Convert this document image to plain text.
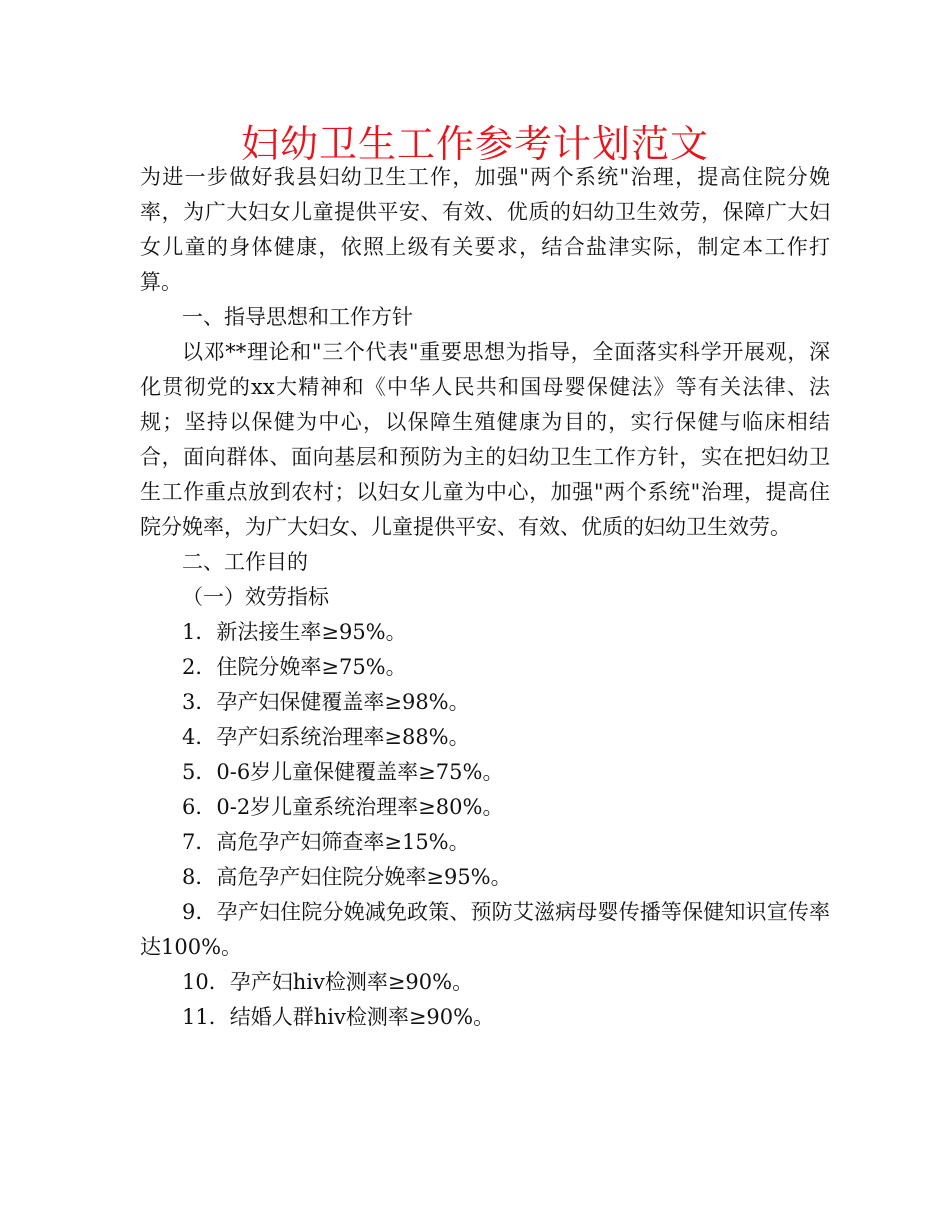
妇幼卫生工作参考计划范文

为进一步做好我县妇幼卫生工作，加强"两个系统"治理，提高住院分娩率，为广大妇女儿童提供平安、有效、优质的妇幼卫生效劳，保障广大妇女儿童的身体健康，依照上级有关要求，结合盐津实际，制定本工作打算。

一、指导思想和工作方针

以邓**理论和"三个代表"重要思想为指导，全面落实科学开展观，深化贯彻党的xx大精神和《中华人民共和国母婴保健法》等有关法律、法规；坚持以保健为中心，以保障生殖健康为目的，实行保健与临床相结合，面向群体、面向基层和预防为主的妇幼卫生工作方针，实在把妇幼卫生工作重点放到农村；以妇女儿童为中心，加强"两个系统"治理，提高住院分娩率，为广大妇女、儿童提供平安、有效、优质的妇幼卫生效劳。

二、工作目的

（一）效劳指标

1．新法接生率≥95%。

2．住院分娩率≥75%。

3．孕产妇保健覆盖率≥98%。

4．孕产妇系统治理率≥88%。

5．0-6岁儿童保健覆盖率≥75%。

6．0-2岁儿童系统治理率≥80%。

7．高危孕产妇筛查率≥15%。

8．高危孕产妇住院分娩率≥95%。

9．孕产妇住院分娩减免政策、预防艾滋病母婴传播等保健知识宣传率达100%。

10．孕产妇hiv检测率≥90%。

11．结婚人群hiv检测率≥90%。
